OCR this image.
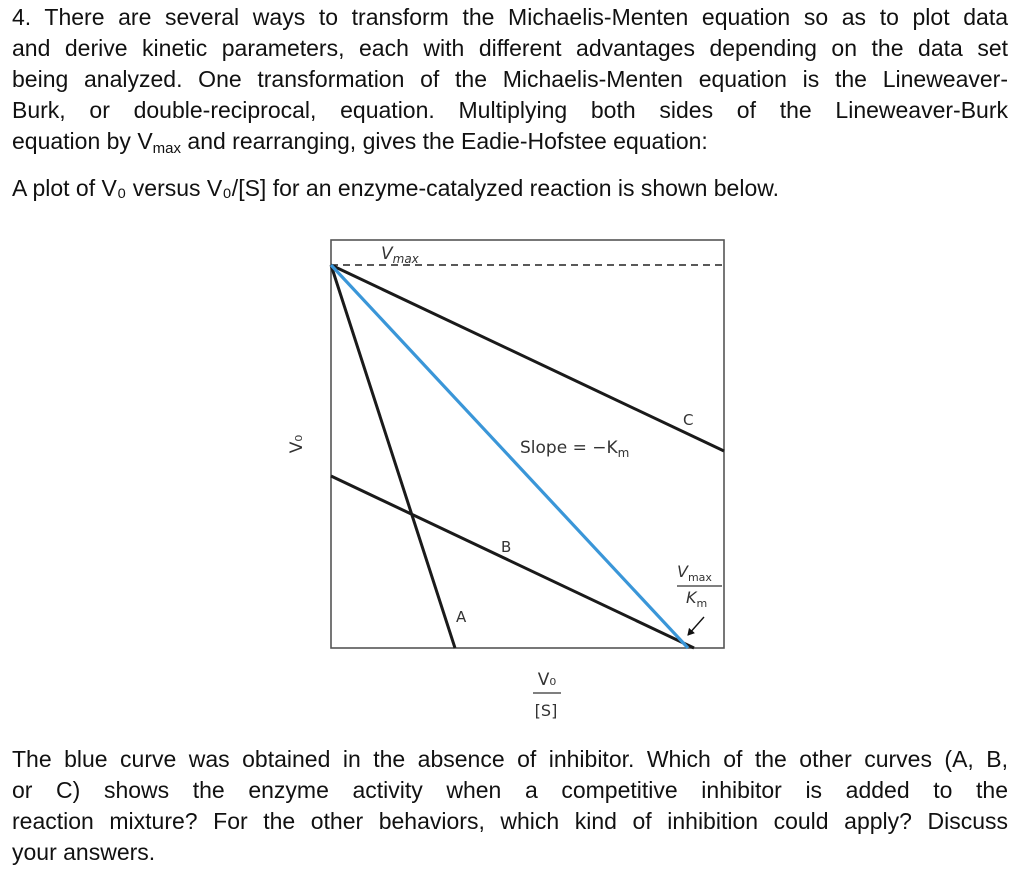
4. There are several ways to transform the Michaelis-Menten equation so as to plot data
and derive kinetic parameters, each with different advantages depending on the data set
being analyzed. One transformation of the Michaelis-Menten equation is the Lineweaver-
Burk, or double-reciprocal, equation. Multiplying both sides of the Lineweaver-Burk
equation by $V_{max}$ and rearranging, gives the Eadie-Hofstee equation:

A plot of V₀ versus V₀/[S] for an enzyme-catalyzed reaction is shown below.

$V_{max}$
A
B
C
Slope = $-K_m$
$V_{max}$
$K_m$
V₀
V₀
[S]
The blue curve was obtained in the absence of inhibitor. Which of the other curves (A, B,
or C) shows the enzyme activity when a competitive inhibitor is added to the
reaction mixture? For the other behaviors, which kind of inhibition could apply? Discuss
your answers.
